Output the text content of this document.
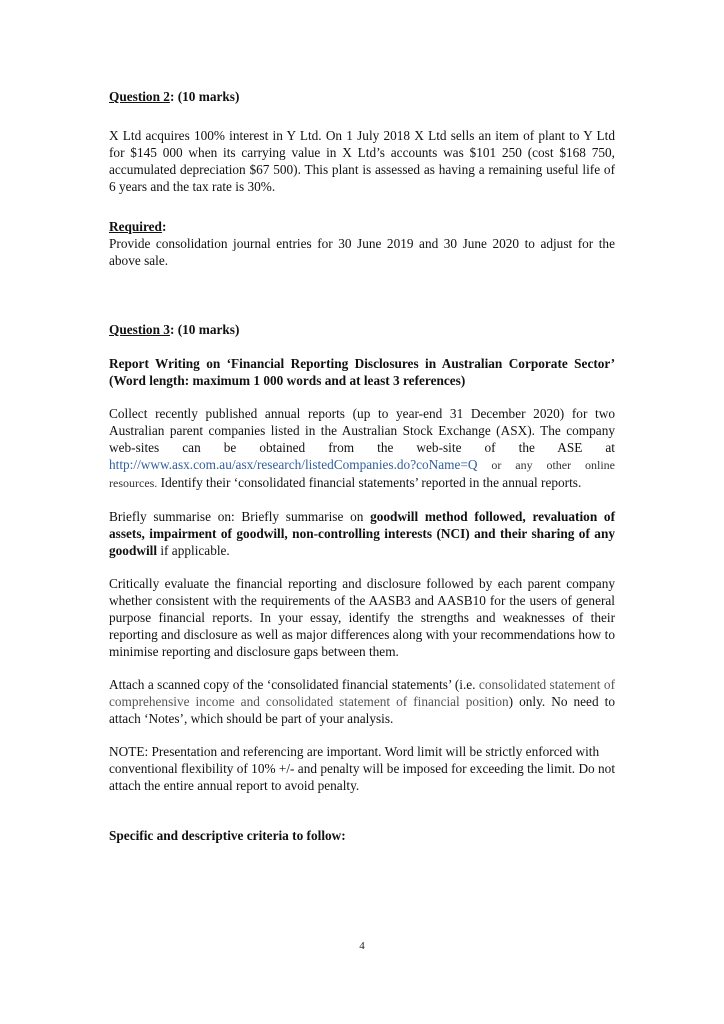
Question 2: (10 marks)

X Ltd acquires 100% interest in Y Ltd. On 1 July 2018 X Ltd sells an item of plant to Y Ltd for $145 000 when its carrying value in X Ltd’s accounts was $101 250 (cost $168 750, accumulated depreciation $67 500). This plant is assessed as having a remaining useful life of 6 years and the tax rate is 30%.

Required:

Provide consolidation journal entries for 30 June 2019 and 30 June 2020 to adjust for the above sale.

Question 3: (10 marks)

Report Writing on ‘Financial Reporting Disclosures in Australian Corporate Sector’ (Word length: maximum 1 000 words and at least 3 references)

Collect recently published annual reports (up to year-end 31 December 2020) for two Australian parent companies listed in the Australian Stock Exchange (ASX). The company web-sites can be obtained from the web-site of the ASE at http://www.asx.com.au/asx/research/listedCompanies.do?coName=Q or any other online resources. Identify their ‘consolidated financial statements’ reported in the annual reports.

Briefly summarise on: Briefly summarise on goodwill method followed, revaluation of assets, impairment of goodwill, non-controlling interests (NCI) and their sharing of any goodwill if applicable.

Critically evaluate the financial reporting and disclosure followed by each parent company whether consistent with the requirements of the AASB3 and AASB10 for the users of general purpose financial reports. In your essay, identify the strengths and weaknesses of their reporting and disclosure as well as major differences along with your recommendations how to minimise reporting and disclosure gaps between them.

Attach a scanned copy of the ‘consolidated financial statements’ (i.e. consolidated statement of comprehensive income and consolidated statement of financial position) only. No need to attach ‘Notes’, which should be part of your analysis.

NOTE: Presentation and referencing are important. Word limit will be strictly enforced with conventional flexibility of 10% +/- and penalty will be imposed for exceeding the limit. Do not attach the entire annual report to avoid penalty.

Specific and descriptive criteria to follow:

4
